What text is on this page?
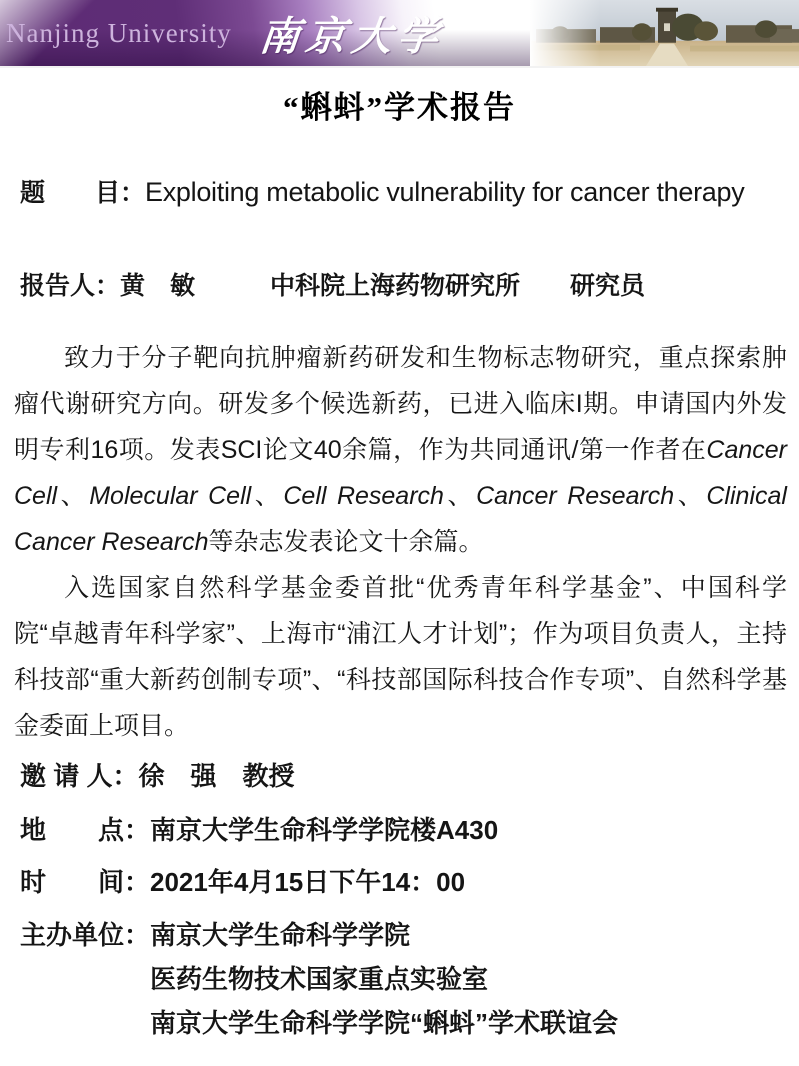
Nanjing University 南京大学
“蝌蚪”学术报告
题　　目：Exploiting metabolic vulnerability for cancer therapy
报告人：黄　敏　　　中科院上海药物研究所　　研究员

致力于分子靶向抗肿瘤新药研发和生物标志物研究，重点探索肿瘤代谢研究方向。研发多个候选新药，已进入临床I期。申请国内外发明专利16项。发表SCI论文40余篇，作为共同通讯/第一作者在Cancer Cell、Molecular Cell、Cell Research、Cancer Research、Clinical Cancer Research等杂志发表论文十余篇。

入选国家自然科学基金委首批“优秀青年科学基金”、中国科学院“卓越青年科学家”、上海市“浦江人才计划”；作为项目负责人，主持科技部“重大新药创制专项”、“科技部国际科技合作专项”、自然科学基金委面上项目。

邀 请 人：徐　强　教授
地　　点：南京大学生命科学学院楼A430
时　　间：2021年4月15日下午14：00
主办单位： 南京大学生命科学学院
医药生物技术国家重点实验室
南京大学生命科学学院“蝌蚪”学术联谊会
